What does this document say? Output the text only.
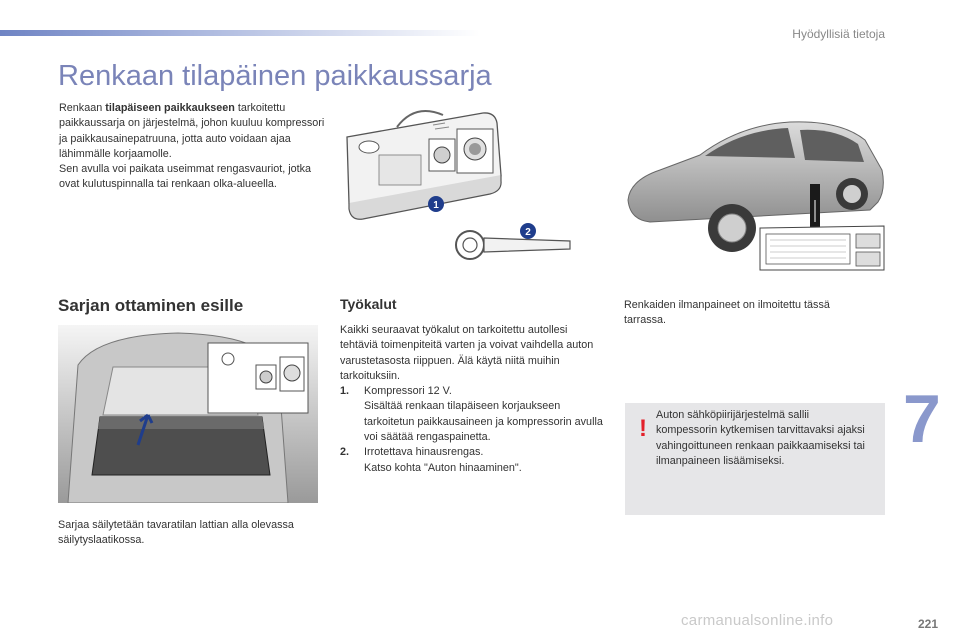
Hyödyllisiä tietoja
7
Renkaan tilapäinen paikkaussarja
Renkaan tilapäiseen paikkaukseen tarkoitettu paikkaussarja on järjestelmä, johon kuuluu kompressori ja paikkausainepatruuna, jotta auto voidaan ajaa lähimmälle korjaamolle.
Sen avulla voi paikata useimmat rengasvauriot, jotka ovat kulutuspinnalla tai renkaan olka-alueella.
1
2
Sarjan ottaminen esille
Sarjaa säilytetään tavaratilan lattian alla olevassa säilytyslaatikossa.
Työkalut

Kaikki seuraavat työkalut on tarkoitettu autollesi tehtäviä toimenpiteitä varten ja voivat vaihdella auton varustetasosta riippuen. Älä käytä niitä muihin tarkoituksiin.

1.	Kompressori 12 V.
Sisältää renkaan tilapäiseen korjaukseen tarkoitetun paikkausaineen ja kompressorin avulla voi säätää rengaspainetta.
2.	Irrotettava hinausrengas.
Katso kohta "Auton hinaaminen".
Renkaiden ilmanpaineet on ilmoitettu tässä tarrassa.
! Auton sähköpiirijärjestelmä sallii kompessorin kytkemisen tarvittavaksi ajaksi vahingoittuneen renkaan paikkaamiseksi tai ilmanpaineen lisäämiseksi.
carmanualsonline.info	221
